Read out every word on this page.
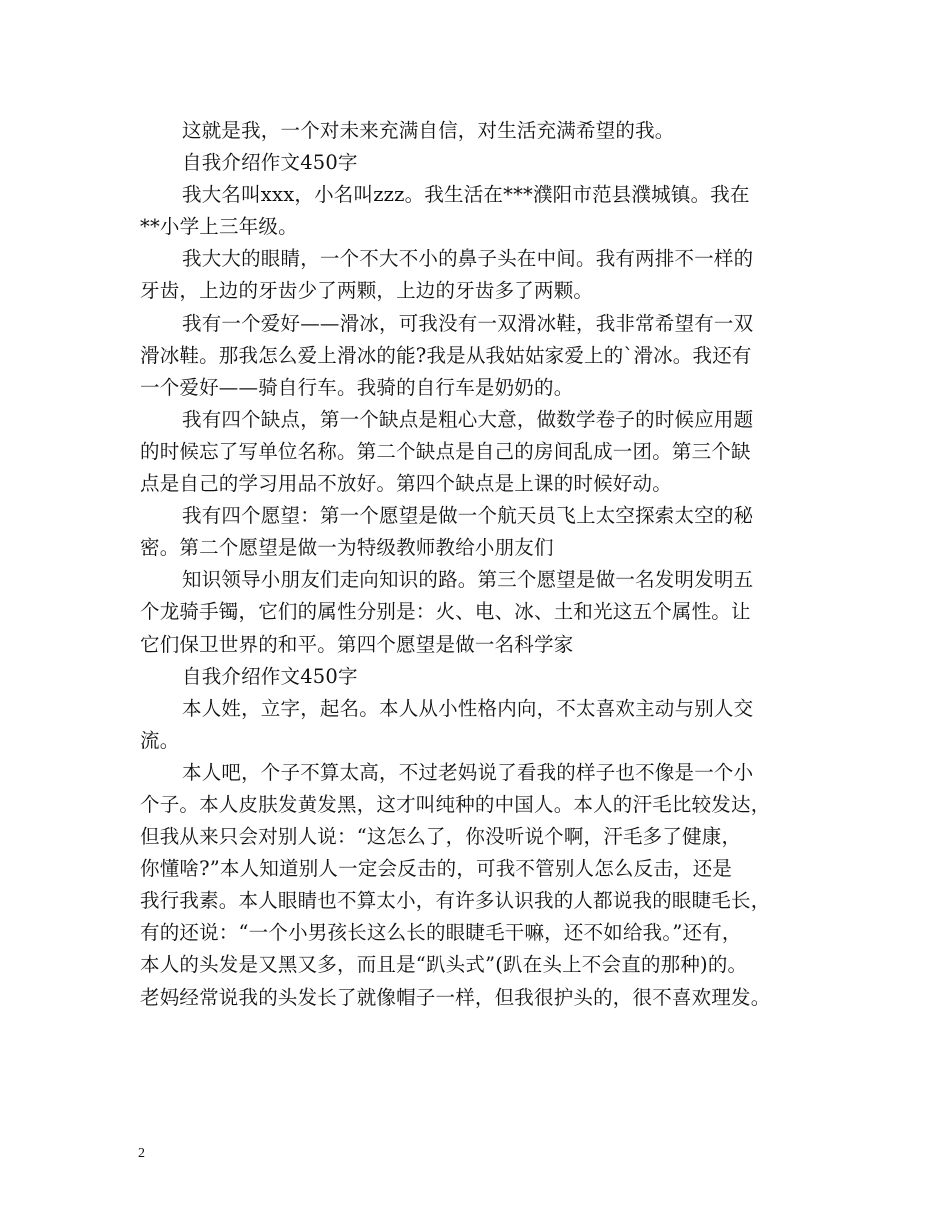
这就是我，一个对未来充满自信，对生活充满希望的我。
自我介绍作文450字
我大名叫xxx，小名叫zzz。我生活在***濮阳市范县濮城镇。我在
**小学上三年级。
我大大的眼睛，一个不大不小的鼻子头在中间。我有两排不一样的
牙齿，上边的牙齿少了两颗，上边的牙齿多了两颗。
我有一个爱好——滑冰，可我没有一双滑冰鞋，我非常希望有一双
滑冰鞋。那我怎么爱上滑冰的能?我是从我姑姑家爱上的`滑冰。我还有
一个爱好——骑自行车。我骑的自行车是奶奶的。
我有四个缺点，第一个缺点是粗心大意，做数学卷子的时候应用题
的时候忘了写单位名称。第二个缺点是自己的房间乱成一团。第三个缺
点是自己的学习用品不放好。第四个缺点是上课的时候好动。
我有四个愿望：第一个愿望是做一个航天员飞上太空探索太空的秘
密。第二个愿望是做一为特级教师教给小朋友们
知识领导小朋友们走向知识的路。第三个愿望是做一名发明发明五
个龙骑手镯，它们的属性分别是：火、电、冰、土和光这五个属性。让
它们保卫世界的和平。第四个愿望是做一名科学家
自我介绍作文450字
本人姓，立字，起名。本人从小性格内向，不太喜欢主动与别人交
流。
本人吧，个子不算太高，不过老妈说了看我的样子也不像是一个小
个子。本人皮肤发黄发黑，这才叫纯种的中国人。本人的汗毛比较发达，
但我从来只会对别人说：“这怎么了，你没听说个啊，汗毛多了健康，
你懂啥?”本人知道别人一定会反击的，可我不管别人怎么反击，还是
我行我素。本人眼睛也不算太小，有许多认识我的人都说我的眼睫毛长，
有的还说：“一个小男孩长这么长的眼睫毛干嘛，还不如给我。”还有，
本人的头发是又黑又多，而且是“趴头式”(趴在头上不会直的那种)的。
老妈经常说我的头发长了就像帽子一样，但我很护头的，很不喜欢理发。
2
